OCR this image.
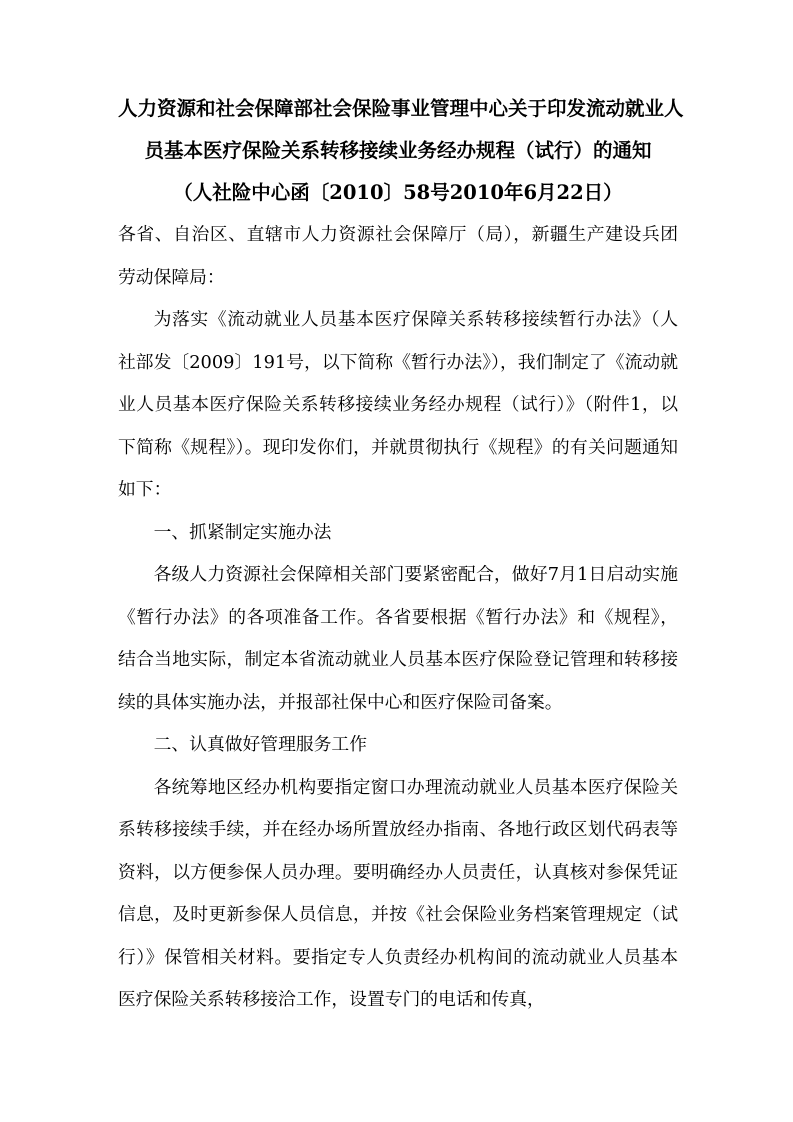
人力资源和社会保障部社会保险事业管理中心关于印发流动就业人
员基本医疗保险关系转移接续业务经办规程（试行）的通知
（人社险中心函〔2010〕58号2010年6月22日）

各省、自治区、直辖市人力资源社会保障厅（局），新疆生产建设兵团劳动保障局：

为落实《流动就业人员基本医疗保障关系转移接续暂行办法》（人社部发〔2009〕191号，以下简称《暂行办法》），我们制定了《流动就业人员基本医疗保险关系转移接续业务经办规程（试行）》（附件1，以下简称《规程》）。现印发你们，并就贯彻执行《规程》的有关问题通知如下：

一、抓紧制定实施办法

各级人力资源社会保障相关部门要紧密配合，做好7月1日启动实施《暂行办法》的各项准备工作。各省要根据《暂行办法》和《规程》，结合当地实际，制定本省流动就业人员基本医疗保险登记管理和转移接续的具体实施办法，并报部社保中心和医疗保险司备案。

二、认真做好管理服务工作

各统筹地区经办机构要指定窗口办理流动就业人员基本医疗保险关系转移接续手续，并在经办场所置放经办指南、各地行政区划代码表等资料，以方便参保人员办理。要明确经办人员责任，认真核对参保凭证信息，及时更新参保人员信息，并按《社会保险业务档案管理规定（试行）》保管相关材料。要指定专人负责经办机构间的流动就业人员基本医疗保险关系转移接洽工作，设置专门的电话和传真，
